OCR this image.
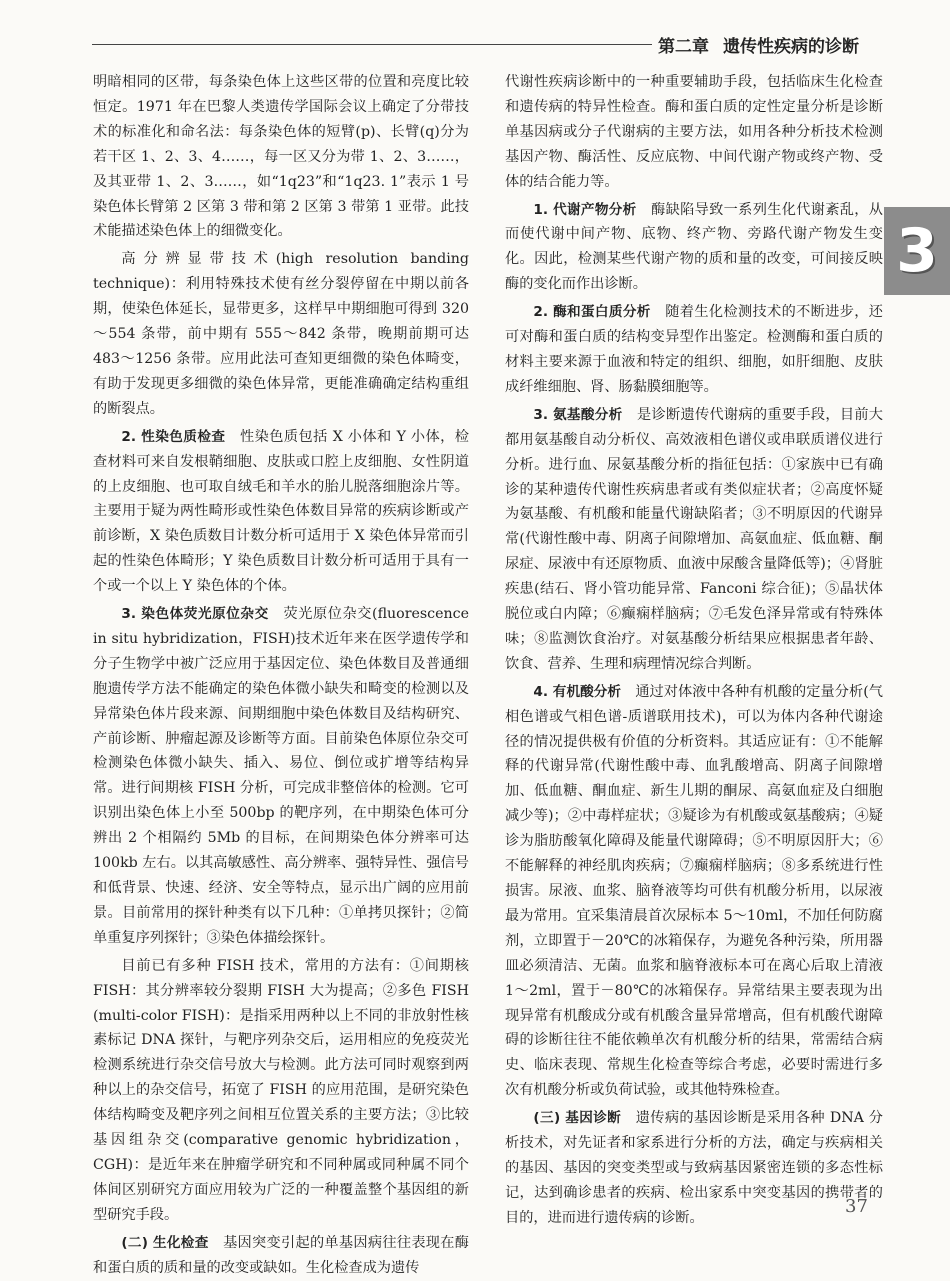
第二章 遗传性疾病的诊断
3

明暗相同的区带，每条染色体上这些区带的位置和亮度比较恒定。1971 年在巴黎人类遗传学国际会议上确定了分带技术的标准化和命名法：每条染色体的短臂(p)、长臂(q)分为若干区 1、2、3、4……，每一区又分为带 1、2、3……，及其亚带 1、2、3……，如“1q23”和“1q23. 1”表示 1 号染色体长臂第 2 区第 3 带和第 2 区第 3 带第 1 亚带。此技术能描述染色体上的细微变化。

高分辨显带技术(high resolution banding technique)：利用特殊技术使有丝分裂停留在中期以前各期，使染色体延长，显带更多，这样早中期细胞可得到 320～554 条带，前中期有 555～842 条带，晚期前期可达 483～1256 条带。应用此法可查知更细微的染色体畸变，有助于发现更多细微的染色体异常，更能准确确定结构重组的断裂点。

2. 性染色质检查　 性染色质包括 X 小体和 Y 小体，检查材料可来自发根鞘细胞、皮肤或口腔上皮细胞、女性阴道的上皮细胞、也可取自绒毛和羊水的胎儿脱落细胞涂片等。主要用于疑为两性畸形或性染色体数目异常的疾病诊断或产前诊断，X 染色质数目计数分析可适用于 X 染色体异常而引起的性染色体畸形；Y 染色质数目计数分析可适用于具有一个或一个以上 Y 染色体的个体。

3. 染色体荧光原位杂交　 荧光原位杂交(fluorescence in situ hybridization，FISH)技术近年来在医学遗传学和分子生物学中被广泛应用于基因定位、染色体数目及普通细胞遗传学方法不能确定的染色体微小缺失和畸变的检测以及异常染色体片段来源、间期细胞中染色体数目及结构研究、产前诊断、肿瘤起源及诊断等方面。目前染色体原位杂交可检测染色体微小缺失、插入、易位、倒位或扩增等结构异常。进行间期核 FISH 分析，可完成非整倍体的检测。它可识别出染色体上小至 500bp 的靶序列，在中期染色体可分辨出 2 个相隔约 5Mb 的目标，在间期染色体分辨率可达 100kb 左右。以其高敏感性、高分辨率、强特异性、强信号和低背景、快速、经济、安全等特点，显示出广阔的应用前景。目前常用的探针种类有以下几种：①单拷贝探针；②简单重复序列探针；③染色体描绘探针。

目前已有多种 FISH 技术，常用的方法有：①间期核 FISH：其分辨率较分裂期 FISH 大为提高；②多色 FISH (multi-color FISH)：是指采用两种以上不同的非放射性核素标记 DNA 探针，与靶序列杂交后，运用相应的免疫荧光检测系统进行杂交信号放大与检测。此方法可同时观察到两种以上的杂交信号，拓宽了 FISH 的应用范围，是研究染色体结构畸变及靶序列之间相互位置关系的主要方法；③比较基因组杂交(comparative genomic hybridization，CGH)：是近年来在肿瘤学研究和不同种属或同种属不同个体间区别研究方面应用较为广泛的一种覆盖整个基因组的新型研究手段。

(二) 生化检查　 基因突变引起的单基因病往往表现在酶和蛋白质的质和量的改变或缺如。生化检查成为遗传

代谢性疾病诊断中的一种重要辅助手段，包括临床生化检查和遗传病的特异性检查。酶和蛋白质的定性定量分析是诊断单基因病或分子代谢病的主要方法，如用各种分析技术检测基因产物、酶活性、反应底物、中间代谢产物或终产物、受体的结合能力等。

1. 代谢产物分析　 酶缺陷导致一系列生化代谢紊乱，从而使代谢中间产物、底物、终产物、旁路代谢产物发生变化。因此，检测某些代谢产物的质和量的改变，可间接反映酶的变化而作出诊断。

2. 酶和蛋白质分析　 随着生化检测技术的不断进步，还可对酶和蛋白质的结构变异型作出鉴定。检测酶和蛋白质的材料主要来源于血液和特定的组织、细胞，如肝细胞、皮肤成纤维细胞、肾、肠黏膜细胞等。

3. 氨基酸分析　 是诊断遗传代谢病的重要手段，目前大都用氨基酸自动分析仪、高效液相色谱仪或串联质谱仪进行分析。进行血、尿氨基酸分析的指征包括：①家族中已有确诊的某种遗传代谢性疾病患者或有类似症状者；②高度怀疑为氨基酸、有机酸和能量代谢缺陷者；③不明原因的代谢异常(代谢性酸中毒、阴离子间隙增加、高氨血症、低血糖、酮尿症、尿液中有还原物质、血液中尿酸含量降低等)；④肾脏疾患(结石、肾小管功能异常、Fanconi 综合征)；⑤晶状体脱位或白内障；⑥癫痫样脑病；⑦毛发色泽异常或有特殊体味；⑧监测饮食治疗。对氨基酸分析结果应根据患者年龄、饮食、营养、生理和病理情况综合判断。

4. 有机酸分析　 通过对体液中各种有机酸的定量分析(气相色谱或气相色谱-质谱联用技术)，可以为体内各种代谢途径的情况提供极有价值的分析资料。其适应证有：①不能解释的代谢异常(代谢性酸中毒、血乳酸增高、阴离子间隙增加、低血糖、酮血症、新生儿期的酮尿、高氨血症及白细胞减少等)；②中毒样症状；③疑诊为有机酸或氨基酸病；④疑诊为脂肪酸氧化障碍及能量代谢障碍；⑤不明原因肝大；⑥不能解释的神经肌肉疾病；⑦癫痫样脑病；⑧多系统进行性损害。尿液、血浆、脑脊液等均可供有机酸分析用，以尿液最为常用。宜采集清晨首次尿标本 5～10ml，不加任何防腐剂，立即置于－20℃的冰箱保存，为避免各种污染，所用器皿必须清洁、无菌。血浆和脑脊液标本可在离心后取上清液 1～2ml，置于－80℃的冰箱保存。异常结果主要表现为出现异常有机酸成分或有机酸含量异常增高，但有机酸代谢障碍的诊断往往不能依赖单次有机酸分析的结果，常需结合病史、临床表现、常规生化检查等综合考虑，必要时需进行多次有机酸分析或负荷试验，或其他特殊检查。

(三) 基因诊断　 遗传病的基因诊断是采用各种 DNA 分析技术，对先证者和家系进行分析的方法，确定与疾病相关的基因、基因的突变类型或与致病基因紧密连锁的多态性标记，达到确诊患者的疾病、检出家系中突变基因的携带者的目的，进而进行遗传病的诊断。

37
